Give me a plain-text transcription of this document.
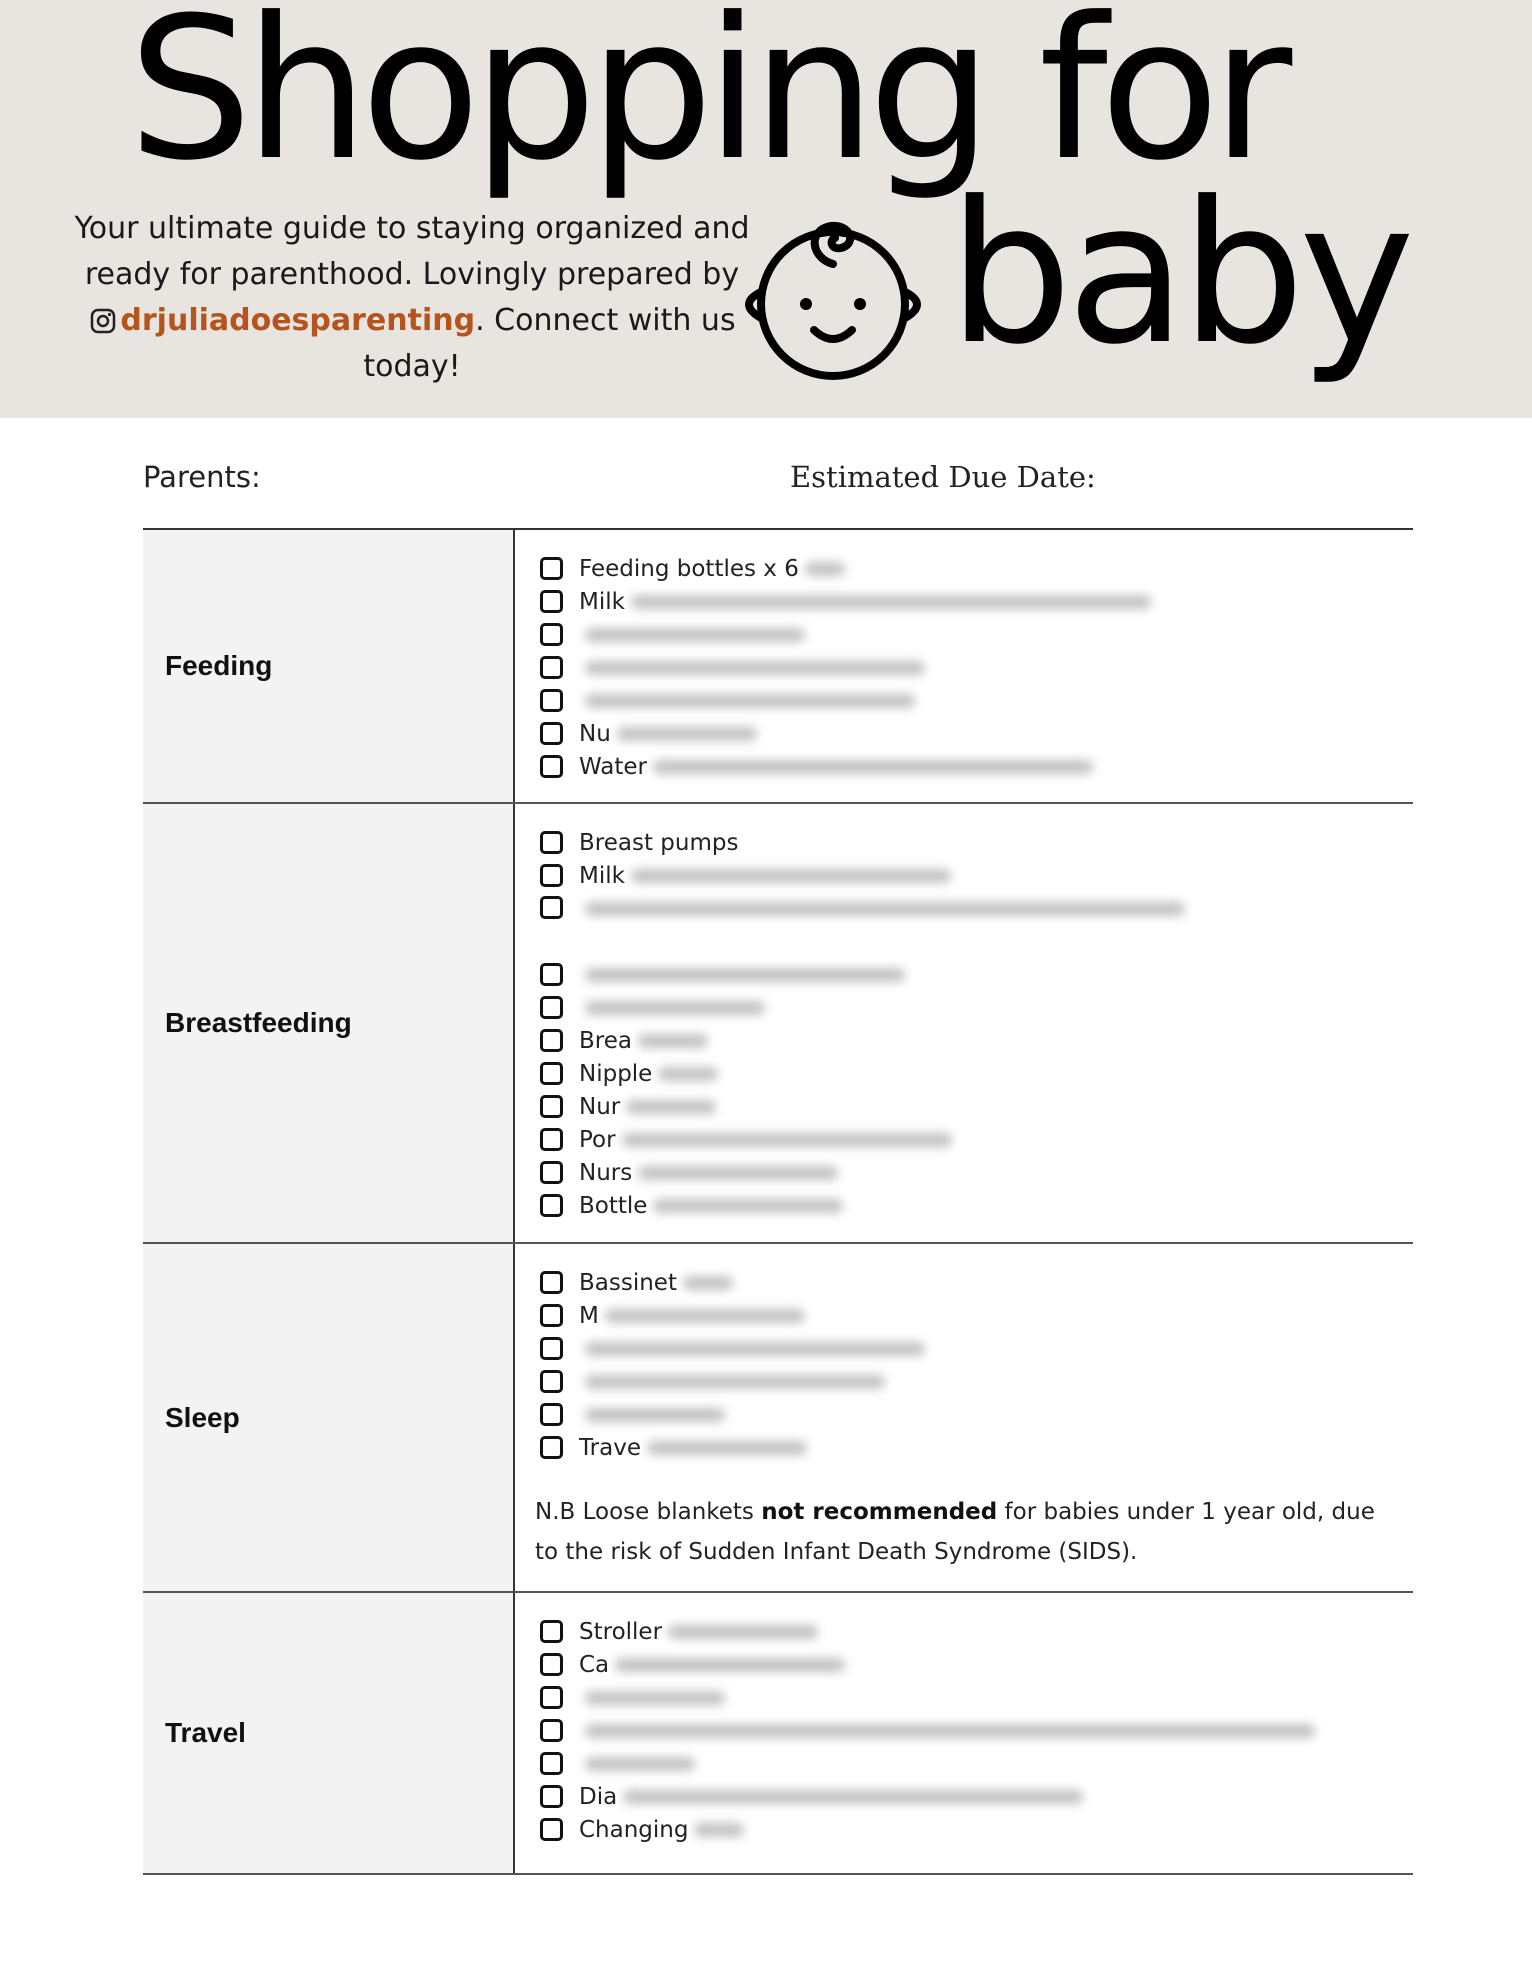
Shopping for
baby
Your ultimate guide to staying organized and ready for parenthood. Lovingly prepared by drjuliadoesparenting. Connect with us today!
Parents:	Estimated Due Date:
Feeding
Feeding bottles x 6
Milk
Nu
Water
Breastfeeding
Breast pumps
Milk
Brea
Nipple
Nur
Por
Nurs
Bottle
Sleep
Bassinet
M
Trave
N.B Loose blankets not recommended for babies under 1 year old, due to the risk of Sudden Infant Death Syndrome (SIDS).
Travel
Stroller
Ca
Dia
Changing
